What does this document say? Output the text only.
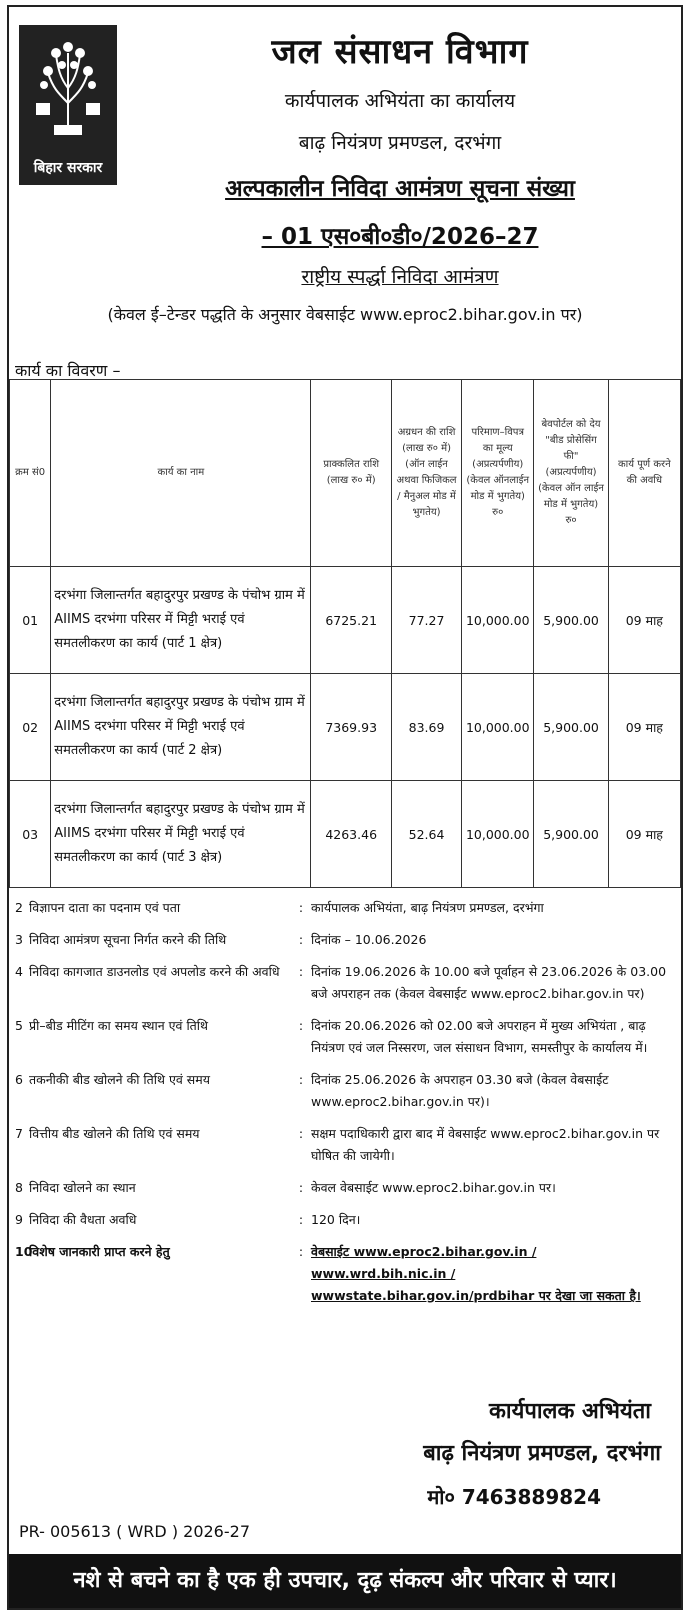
बिहार सरकार
जल संसाधन विभाग
कार्यपालक अभियंता का कार्यालय
बाढ़ नियंत्रण प्रमण्डल, दरभंगा
अल्पकालीन निविदा आमंत्रण सूचना संख्या
– 01 एस०बी०डी०/2026–27
राष्ट्रीय स्पर्द्धा निविदा आमंत्रण
(केवल ई–टेन्डर पद्धति के अनुसार वेबसाईट www.eproc2.bihar.gov.in पर)
कार्य का विवरण –
क्रम सं0	कार्य का नाम	प्राक्कलित राशि (लाख रु० में)	अग्रधन की राशि (लाख रु० में) (ऑन लाईन अथवा फिजिकल / मैनुअल मोड में भुगतेय)	परिमाण–विपत्र का मूल्य (अप्रत्यर्पणीय) (केवल ऑनलाईन मोड में भुगतेय) रु०	बेवपोर्टल को देय "बीड प्रोसेसिंग फी" (अप्रत्यर्पणीय) (केवल ऑन लाईन मोड में भुगतेय) रु०	कार्य पूर्ण करने की अवधि
01	दरभंगा जिलान्तर्गत बहादुरपुर प्रखण्ड के पंचोभ ग्राम में AIIMS दरभंगा परिसर में मिट्टी भराई एवं समतलीकरण का कार्य (पार्ट 1 क्षेत्र)	6725.21	77.27	10,000.00	5,900.00	09 माह
02	दरभंगा जिलान्तर्गत बहादुरपुर प्रखण्ड के पंचोभ ग्राम में AIIMS दरभंगा परिसर में मिट्टी भराई एवं समतलीकरण का कार्य (पार्ट 2 क्षेत्र)	7369.93	83.69	10,000.00	5,900.00	09 माह
03	दरभंगा जिलान्तर्गत बहादुरपुर प्रखण्ड के पंचोभ ग्राम में AIIMS दरभंगा परिसर में मिट्टी भराई एवं समतलीकरण का कार्य (पार्ट 3 क्षेत्र)	4263.46	52.64	10,000.00	5,900.00	09 माह
2 विज्ञापन दाता का पदनाम एवं पता	: कार्यपालक अभियंता, बाढ़ नियंत्रण प्रमण्डल, दरभंगा
3 निविदा आमंत्रण सूचना निर्गत करने की तिथि	: दिनांक – 10.06.2026
4 निविदा कागजात डाउनलोड एवं अपलोड करने की अवधि	: दिनांक 19.06.2026 के 10.00 बजे पूर्वाहन से 23.06.2026 के 03.00 बजे अपराहन तक (केवल वेबसाईट www.eproc2.bihar.gov.in पर)
5 प्री–बीड मीटिंग का समय स्थान एवं तिथि	: दिनांक 20.06.2026 को 02.00 बजे अपराहन में मुख्य अभियंता , बाढ़ नियंत्रण एवं जल निस्सरण, जल संसाधन विभाग, समस्तीपुर के कार्यालय में।
6 तकनीकी बीड खोलने की तिथि एवं समय	: दिनांक 25.06.2026 के अपराहन 03.30 बजे (केवल वेबसाईट www.eproc2.bihar.gov.in पर)।
7 वित्तीय बीड खोलने की तिथि एवं समय	: सक्षम पदाधिकारी द्वारा बाद में वेबसाईट www.eproc2.bihar.gov.in पर घोषित की जायेगी।
8 निविदा खोलने का स्थान	: केवल वेबसाईट www.eproc2.bihar.gov.in पर।
9 निविदा की वैधता अवधि	: 120 दिन।
10
विशेष जानकारी प्राप्त करने हेतु	: वेबसाईट www.eproc2.bihar.gov.in / www.wrd.bih.nic.in / wwwstate.bihar.gov.in/prdbihar पर देखा जा सकता है।
कार्यपालक अभियंता
बाढ़ नियंत्रण प्रमण्डल, दरभंगा
मो० 7463889824
PR- 005613 ( WRD ) 2026-27
नशे से बचने का है एक ही उपचार, दृढ़ संकल्प और परिवार से प्यार।
